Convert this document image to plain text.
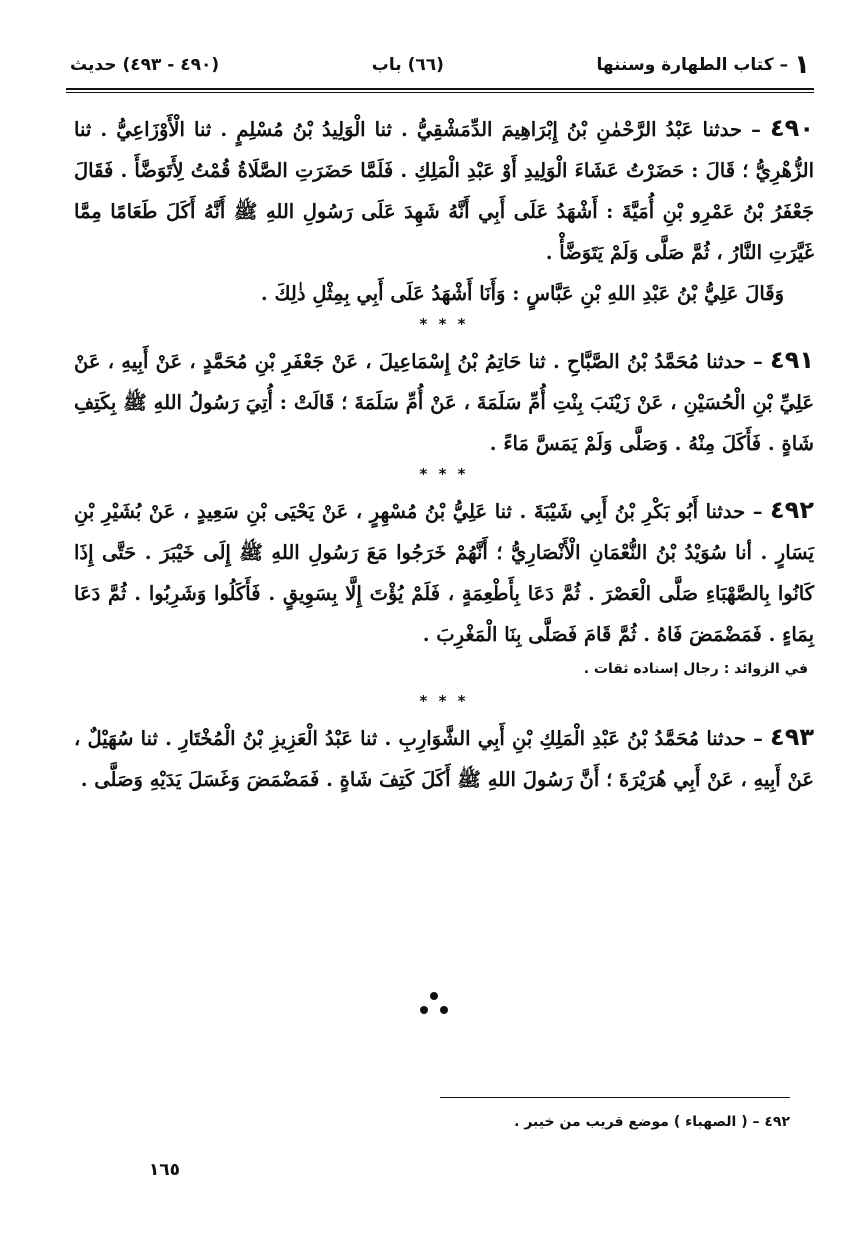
١
–
كتاب الطهارة وسننها
(٦٦)
باب
(٤٩٠ - ٤٩٣)
حديث

٤٩٠ – حدثنا عَبْدُ الرَّحْمٰنِ بْنُ إِبْرَاهِيمَ الدِّمَشْقِيُّ . ثنا الْوَلِيدُ بْنُ مُسْلِمٍ . ثنا الْأَوْزَاعِيُّ . ثنا الزُّهْرِيُّ ؛ قَالَ : حَضَرْتُ عَشَاءَ الْوَلِيدِ أَوْ عَبْدِ الْمَلِكِ . فَلَمَّا حَضَرَتِ الصَّلَاةُ قُمْتُ لِأَتَوَضَّأَ . فَقَالَ جَعْفَرُ بْنُ عَمْرِو بْنِ أُمَيَّةَ : أَشْهَدُ عَلَى أَبِي أَنَّهُ شَهِدَ عَلَى رَسُولِ اللهِ ﷺ أَنَّهُ أَكَلَ طَعَامًا مِمَّا غَيَّرَتِ النَّارُ ، ثُمَّ صَلَّى وَلَمْ يَتَوَضَّأْ .

وَقَالَ عَلِيُّ بْنُ عَبْدِ اللهِ بْنِ عَبَّاسٍ : وَأَنَا أَشْهَدُ عَلَى أَبِي بِمِثْلِ ذٰلِكَ .

* * *

٤٩١ – حدثنا مُحَمَّدُ بْنُ الصَّبَّاحِ . ثنا حَاتِمُ بْنُ إِسْمَاعِيلَ ، عَنْ جَعْفَرِ بْنِ مُحَمَّدٍ ، عَنْ أَبِيهِ ، عَنْ عَلِيِّ بْنِ الْحُسَيْنِ ، عَنْ زَيْنَبَ بِنْتِ أُمِّ سَلَمَةَ ، عَنْ أُمِّ سَلَمَةَ ؛ قَالَتْ : أُتِيَ رَسُولُ اللهِ ﷺ بِكَتِفِ شَاةٍ . فَأَكَلَ مِنْهُ . وَصَلَّى وَلَمْ يَمَسَّ مَاءً .

* * *

٤٩٢ – حدثنا أَبُو بَكْرِ بْنُ أَبِي شَيْبَةَ . ثنا عَلِيُّ بْنُ مُسْهِرٍ ، عَنْ يَحْيَى بْنِ سَعِيدٍ ، عَنْ بُشَيْرِ بْنِ يَسَارٍ . أنا سُوَيْدُ بْنُ النُّعْمَانِ الْأَنْصَارِيُّ ؛ أَنَّهُمْ خَرَجُوا مَعَ رَسُولِ اللهِ ﷺ إِلَى خَيْبَرَ . حَتَّى إِذَا كَانُوا بِالصَّهْبَاءِ صَلَّى الْعَصْرَ . ثُمَّ دَعَا بِأَطْعِمَةٍ ، فَلَمْ يُؤْتَ إِلَّا بِسَوِيقٍ . فَأَكَلُوا وَشَرِبُوا . ثُمَّ دَعَا بِمَاءٍ . فَمَضْمَضَ فَاهُ . ثُمَّ قَامَ فَصَلَّى بِنَا الْمَغْرِبَ .

في الزوائد : رجال إسناده ثقات .
* * *

٤٩٣ – حدثنا مُحَمَّدُ بْنُ عَبْدِ الْمَلِكِ بْنِ أَبِي الشَّوَارِبِ . ثنا عَبْدُ الْعَزِيزِ بْنُ الْمُخْتَارِ . ثنا سُهَيْلٌ ، عَنْ أَبِيهِ ، عَنْ أَبِي هُرَيْرَةَ ؛ أَنَّ رَسُولَ اللهِ ﷺ أَكَلَ كَتِفَ شَاةٍ . فَمَضْمَضَ وَغَسَلَ يَدَيْهِ وَصَلَّى .

٤٩٢ – ( الصهباء ) موضع قريب من خيبر .
١٦٥
